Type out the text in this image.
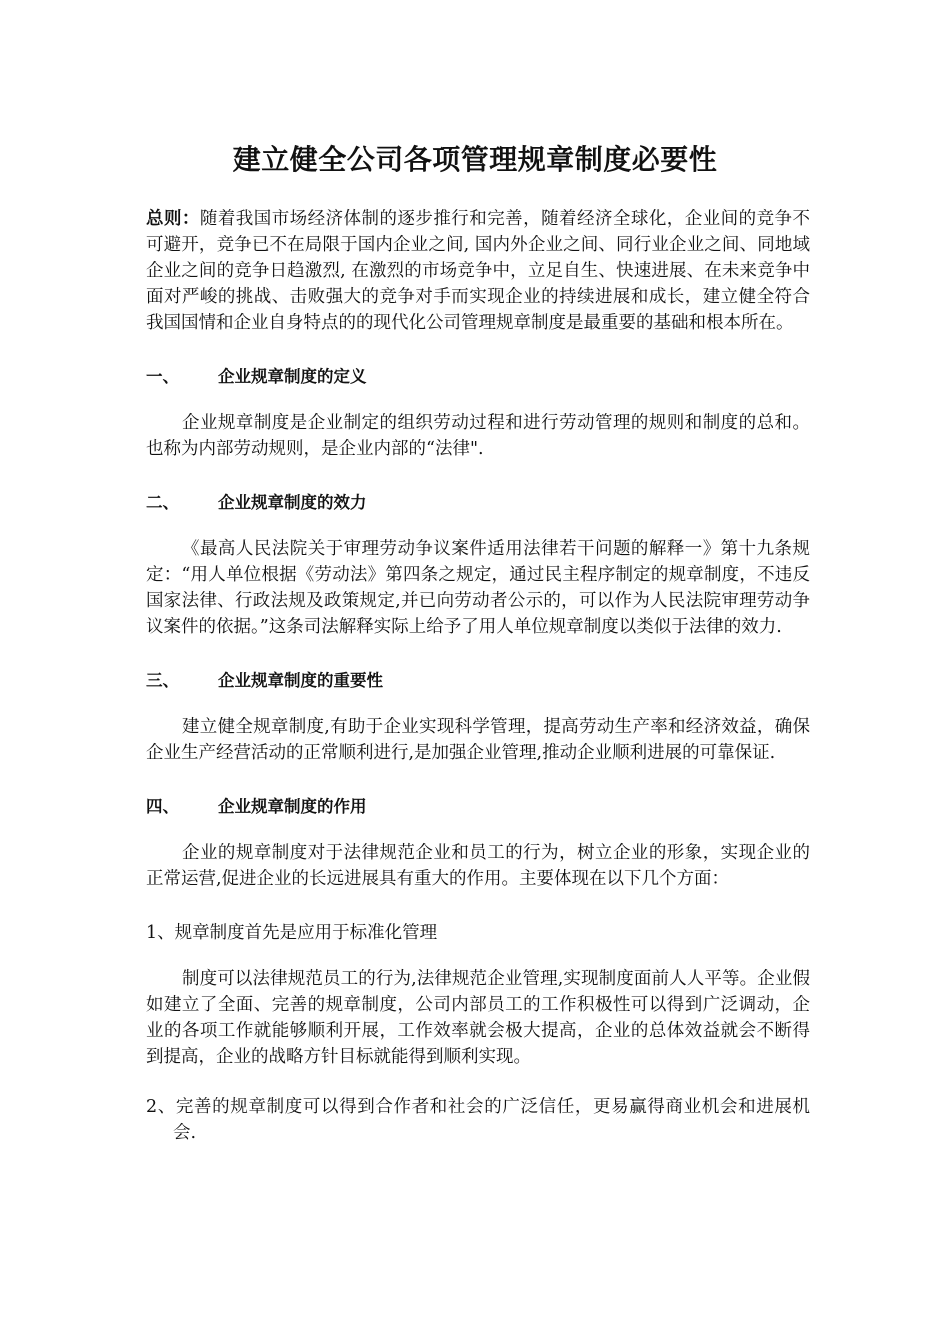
建立健全公司各项管理规章制度必要性

总则：随着我国市场经济体制的逐步推行和完善，随着经济全球化，企业间的竞争不可避开，竞争已不在局限于国内企业之间, 国内外企业之间、同行业企业之间、同地域企业之间的竞争日趋激烈, 在激烈的市场竞争中，立足自生、快速进展、在未来竞争中面对严峻的挑战、击败强大的竞争对手而实现企业的持续进展和成长，建立健全符合我国国情和企业自身特点的的现代化公司管理规章制度是最重要的基础和根本所在。

一、 企业规章制度的定义

企业规章制度是企业制定的组织劳动过程和进行劳动管理的规则和制度的总和。也称为内部劳动规则，是企业内部的“法律".

二、 企业规章制度的效力

《最高人民法院关于审理劳动争议案件适用法律若干问题的解释一》第十九条规定：“用人单位根据《劳动法》第四条之规定，通过民主程序制定的规章制度，不违反国家法律、行政法规及政策规定,并已向劳动者公示的，可以作为人民法院审理劳动争议案件的依据。”这条司法解释实际上给予了用人单位规章制度以类似于法律的效力.

三、 企业规章制度的重要性

建立健全规章制度,有助于企业实现科学管理，提高劳动生产率和经济效益，确保企业生产经营活动的正常顺利进行,是加强企业管理,推动企业顺利进展的可靠保证.

四、 企业规章制度的作用

企业的规章制度对于法律规范企业和员工的行为，树立企业的形象，实现企业的正常运营,促进企业的长远进展具有重大的作用。主要体现在以下几个方面：

1、规章制度首先是应用于标准化管理

制度可以法律规范员工的行为,法律规范企业管理,实现制度面前人人平等。企业假如建立了全面、完善的规章制度，公司内部员工的工作积极性可以得到广泛调动，企业的各项工作就能够顺利开展，工作效率就会极大提高，企业的总体效益就会不断得到提高，企业的战略方针目标就能得到顺利实现。

2、完善的规章制度可以得到合作者和社会的广泛信任，更易赢得商业机会和进展机会.
